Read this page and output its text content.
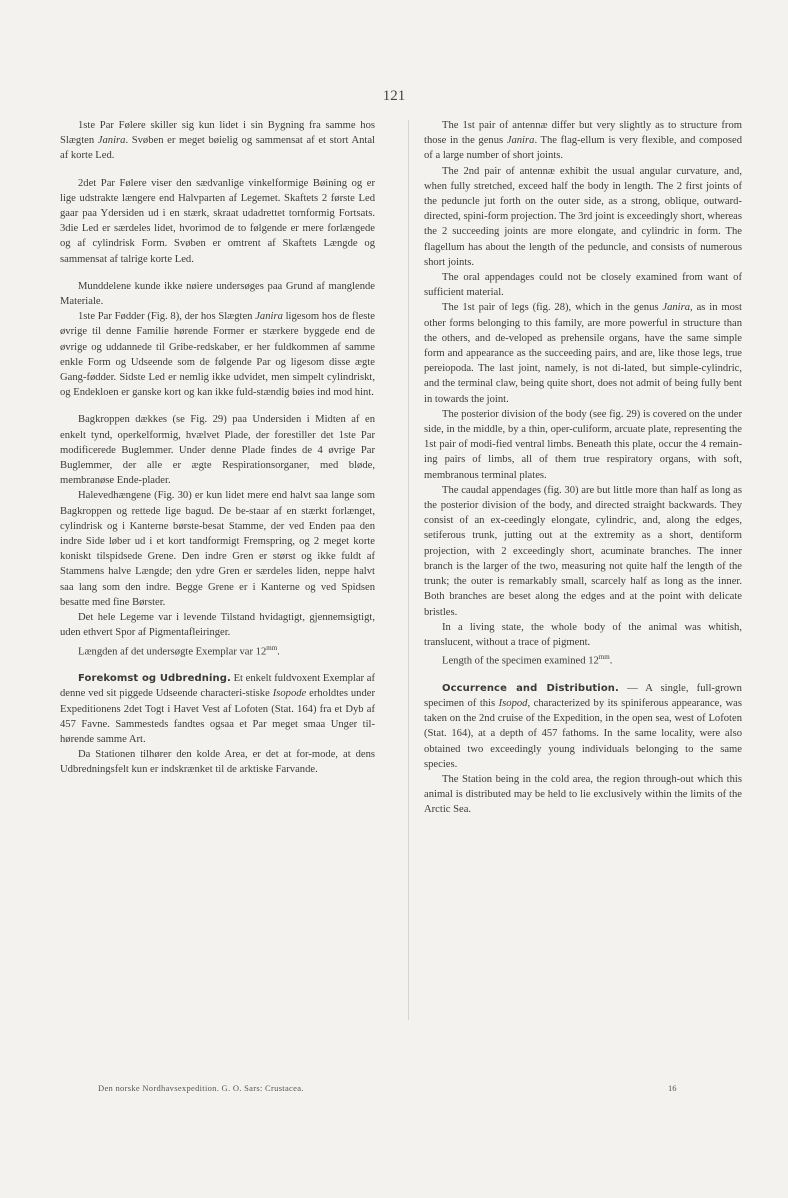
121

1ste Par Følere skiller sig kun lidet i sin Bygning fra samme hos Slægten Janira. Svøben er meget bøielig og sammensat af et stort Antal af korte Led.

2det Par Følere viser den sædvanlige vinkelformige Bøining og er lige udstrakte længere end Halvparten af Legemet. Skaftets 2 første Led gaar paa Ydersiden ud i en stærk, skraat udadrettet tornformig Fortsats. 3die Led er særdeles lidet, hvorimod de to følgende er mere forlængede og af cylindrisk Form. Svøben er omtrent af Skaftets Længde og sammensat af talrige korte Led.

Munddelene kunde ikke nøiere undersøges paa Grund af manglende Materiale.

1ste Par Fødder (Fig. 8), der hos Slægten Janira ligesom hos de fleste øvrige til denne Familie hørende Former er stærkere byggede end de øvrige og uddannede til Gribe-redskaber, er her fuldkommen af samme enkle Form og Udseende som de følgende Par og ligesom disse ægte Gang-fødder. Sidste Led er nemlig ikke udvidet, men simpelt cylindriskt, og Endekloen er ganske kort og kan ikke fuld-stændig bøies ind mod hint.

Bagkroppen dækkes (se Fig. 29) paa Undersiden i Midten af en enkelt tynd, operkelformig, hvælvet Plade, der forestiller det 1ste Par modificerede Buglemmer. Under denne Plade findes de 4 øvrige Par Buglemmer, der alle er ægte Respirationsorganer, med bløde, membranøse Ende-plader.

Halevedhængene (Fig. 30) er kun lidet mere end halvt saa lange som Bagkroppen og rettede lige bagud. De be-staar af en stærkt forlænget, cylindrisk og i Kanterne børste-besat Stamme, der ved Enden paa den indre Side løber ud i et kort tandformigt Fremspring, og 2 meget korte koniskt tilspidsede Grene. Den indre Gren er størst og ikke fuldt af Stammens halve Længde; den ydre Gren er særdeles liden, neppe halvt saa lang som den indre. Begge Grene er i Kanterne og ved Spidsen besatte med fine Børster.

Det hele Legeme var i levende Tilstand hvidagtigt, gjennemsigtigt, uden ethvert Spor af Pigmentafleiringer.

Længden af det undersøgte Exemplar var $12^{mm}$.

Forekomst og Udbredning. Et enkelt fuldvoxent Exemplar af denne ved sit piggede Udseende characteri-stiske Isopode erholdtes under Expeditionens 2det Togt i Havet Vest af Lofoten (Stat. 164) fra et Dyb af 457 Favne. Sammesteds fandtes ogsaa et Par meget smaa Unger til-hørende samme Art.

Da Stationen tilhører den kolde Area, er det at for-mode, at dens Udbredningsfelt kun er indskrænket til de arktiske Farvande.

The 1st pair of antennæ differ but very slightly as to structure from those in the genus Janira. The flag-ellum is very flexible, and composed of a large number of short joints.

The 2nd pair of antennæ exhibit the usual angular curvature, and, when fully stretched, exceed half the body in length. The 2 first joints of the peduncle jut forth on the outer side, as a strong, oblique, outward-directed, spini-form projection. The 3rd joint is exceedingly short, whereas the 2 succeeding joints are more elongate, and cylindric in form. The flagellum has about the length of the peduncle, and consists of numerous short joints.

The oral appendages could not be closely examined from want of sufficient material.

The 1st pair of legs (fig. 28), which in the genus Janira, as in most other forms belonging to this family, are more powerful in structure than the others, and de-veloped as prehensile organs, have the same simple form and appearance as the succeeding pairs, and are, like those legs, true pereiopoda. The last joint, namely, is not di-lated, but simple-cylindric, and the terminal claw, being quite short, does not admit of being fully bent in towards the joint.

The posterior division of the body (see fig. 29) is covered on the under side, in the middle, by a thin, oper-culiform, arcuate plate, representing the 1st pair of modi-fied ventral limbs. Beneath this plate, occur the 4 remain-ing pairs of limbs, all of them true respiratory organs, with soft, membranous terminal plates.

The caudal appendages (fig. 30) are but little more than half as long as the posterior division of the body, and directed straight backwards. They consist of an ex-ceedingly elongate, cylindric, and, along the edges, setiferous trunk, jutting out at the extremity as a short, dentiform projection, with 2 exceedingly short, acuminate branches. The inner branch is the larger of the two, measuring not quite half the length of the trunk; the outer is remarkably small, scarcely half as long as the inner. Both branches are beset along the edges and at the point with delicate bristles.

In a living state, the whole body of the animal was whitish, translucent, without a trace of pigment.

Length of the specimen examined $12^{mm}$.

Occurrence and Distribution. — A single, full-grown specimen of this Isopod, characterized by its spiniferous appearance, was taken on the 2nd cruise of the Expedition, in the open sea, west of Lofoten (Stat. 164), at a depth of 457 fathoms. In the same locality, were also obtained two exceedingly young individuals belonging to the same species.

The Station being in the cold area, the region through-out which this animal is distributed may be held to lie exclusively within the limits of the Arctic Sea.

Den norske Nordhavsexpedition. G. O. Sars: Crustacea.	16
